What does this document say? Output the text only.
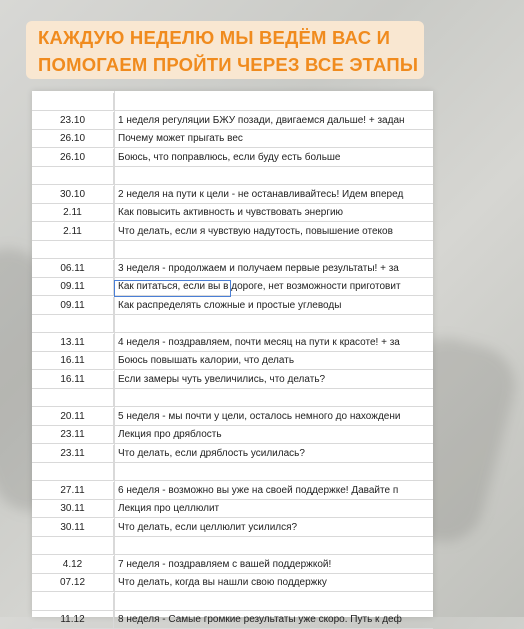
КАЖДУЮ НЕДЕЛЮ МЫ ВЕДЁМ ВАС И
ПОМОГАЕМ ПРОЙТИ ЧЕРЕЗ ВСЕ ЭТАПЫ
23.10	1 неделя регуляции БЖУ позади, двигаемся дальше! + задан
26.10	Почему может прыгать вес
26.10	Боюсь, что поправлюсь, если буду есть больше
30.10	2 неделя на пути к цели - не останавливайтесь! Идем вперед
2.11	Как повысить активность и чувствовать энергию
2.11	Что делать, если я чувствую надутость, повышение отеков
06.11	3 неделя - продолжаем и получаем первые результаты! + за
09.11	Как питаться, если вы в дороге, нет возможности приготовит
09.11	Как распределять сложные и простые углеводы
13.11	4 неделя - поздравляем, почти месяц на пути к красоте! + за
16.11	Боюсь повышать калории, что делать
16.11	Если замеры чуть увеличились, что делать?
20.11	5 неделя - мы почти у цели, осталось немного до нахождени
23.11	Лекция про дряблость
23.11	Что делать, если дряблость усилилась?
27.11	6 неделя - возможно вы уже на своей поддержке! Давайте п
30.11	Лекция про целлюлит
30.11	Что делать, если целлюлит усилился?
4.12	7 неделя - поздравляем с вашей поддержкой!
07.12	Что делать, когда вы нашли свою поддержку
11.12	8 неделя - Самые громкие результаты уже скоро. Путь к деф
